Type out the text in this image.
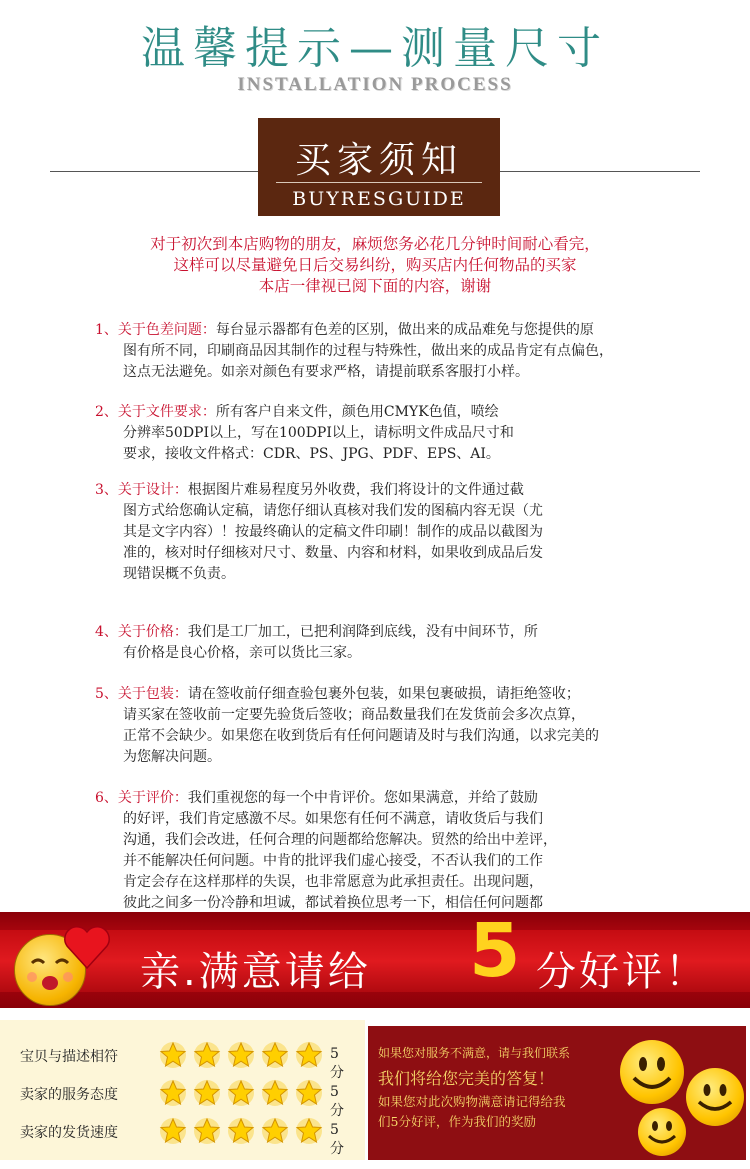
温馨提示—测量尺寸
INSTALLATION PROCESS
买家须知
BUYRESGUIDE
对于初次到本店购物的朋友，麻烦您务必花几分钟时间耐心看完，
这样可以尽量避免日后交易纠纷，购买店内任何物品的买家
本店一律视已阅下面的内容，谢谢
1、关于色差问题：每台显示器都有色差的区别，做出来的成品难免与您提供的原
图有所不同，印刷商品因其制作的过程与特殊性，做出来的成品肯定有点偏色，
这点无法避免。如亲对颜色有要求严格，请提前联系客服打小样。
2、关于文件要求：所有客户自来文件，颜色用CMYK色值，喷绘
分辨率50DPI以上，写在100DPI以上，请标明文件成品尺寸和
要求，接收文件格式：CDR、PS、JPG、PDF、EPS、AI。
3、关于设计：根据图片难易程度另外收费，我们将设计的文件通过截
图方式给您确认定稿，请您仔细认真核对我们发的图稿内容无误（尤
其是文字内容）！按最终确认的定稿文件印刷！制作的成品以截图为
准的，核对时仔细核对尺寸、数量、内容和材料，如果收到成品后发
现错误概不负责。
4、关于价格：我们是工厂加工，已把利润降到底线，没有中间环节，所
有价格是良心价格，亲可以货比三家。
5、关于包装：请在签收前仔细查验包裹外包装，如果包裹破损，请拒绝签收；
请买家在签收前一定要先验货后签收；商品数量我们在发货前会多次点算，
正常不会缺少。如果您在收到货后有任何问题请及时与我们沟通，以求完美的
为您解决问题。
6、关于评价：我们重视您的每一个中肯评价。您如果满意，并给了鼓励
的好评，我们肯定感激不尽。如果您有任何不满意，请收货后与我们
沟通，我们会改进，任何合理的问题都给您解决。贸然的给出中差评，
并不能解决任何问题。中肯的批评我们虚心接受，不否认我们的工作
肯定会存在这样那样的失误，也非常愿意为此承担责任。出现问题，
彼此之间多一份冷静和坦诚，都试着换位思考一下，相信任何问题都
亲.满意请给 5 分好评！
宝贝与描述相符	5分
卖家的服务态度	5分
卖家的发货速度	5分
如果您对服务不满意，请与我们联系
我们将给您完美的答复！
如果您对此次购物满意请记得给我
们5分好评，作为我们的奖励
